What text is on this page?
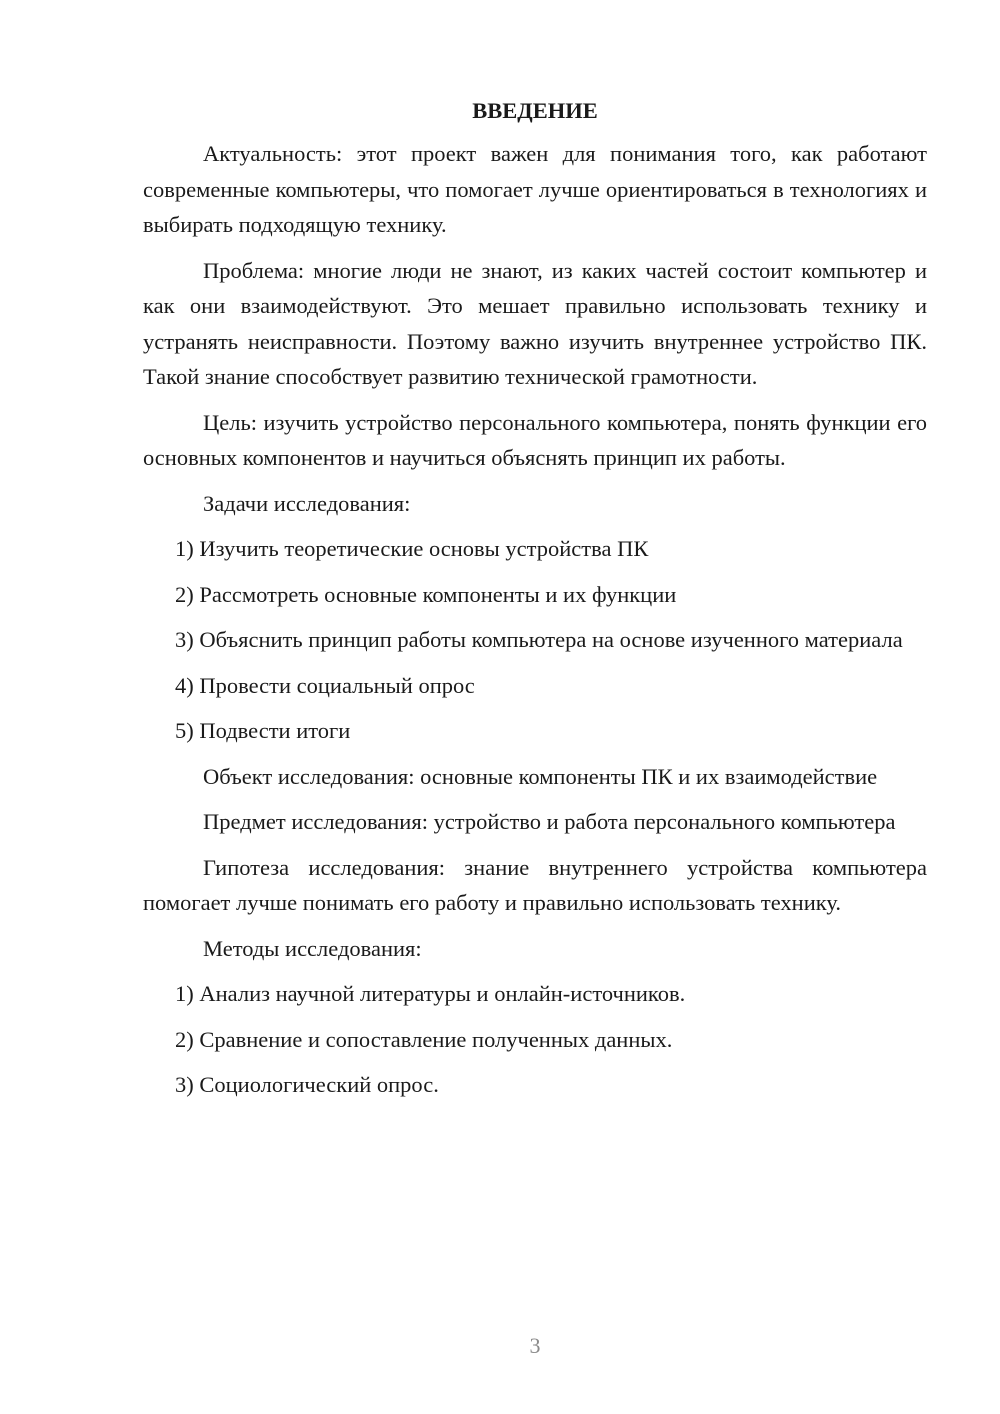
ВВЕДЕНИЕ

Актуальность: этот проект важен для понимания того, как работают современные компьютеры, что помогает лучше ориентироваться в технологиях и выбирать подходящую технику.

Проблема: многие люди не знают, из каких частей состоит компьютер и как они взаимодействуют. Это мешает правильно использовать технику и устранять неисправности. Поэтому важно изучить внутреннее устройство ПК. Такой знание способствует развитию технической грамотности.

Цель: изучить устройство персонального компьютера, понять функции его основных компонентов и научиться объяснять принцип их работы.

Задачи исследования:

1) Изучить теоретические основы устройства ПК

2) Рассмотреть основные компоненты и их функции

3) Объяснить принцип работы компьютера на основе изученного материала

4) Провести социальный опрос

5) Подвести итоги

Объект исследования: основные компоненты ПК и их взаимодействие

Предмет исследования: устройство и работа персонального компьютера

Гипотеза исследования: знание внутреннего устройства компьютера помогает лучше понимать его работу и правильно использовать технику.

Методы исследования:

1) Анализ научной литературы и онлайн-источников.

2) Сравнение и сопоставление полученных данных.

3) Социологический опрос.

3
